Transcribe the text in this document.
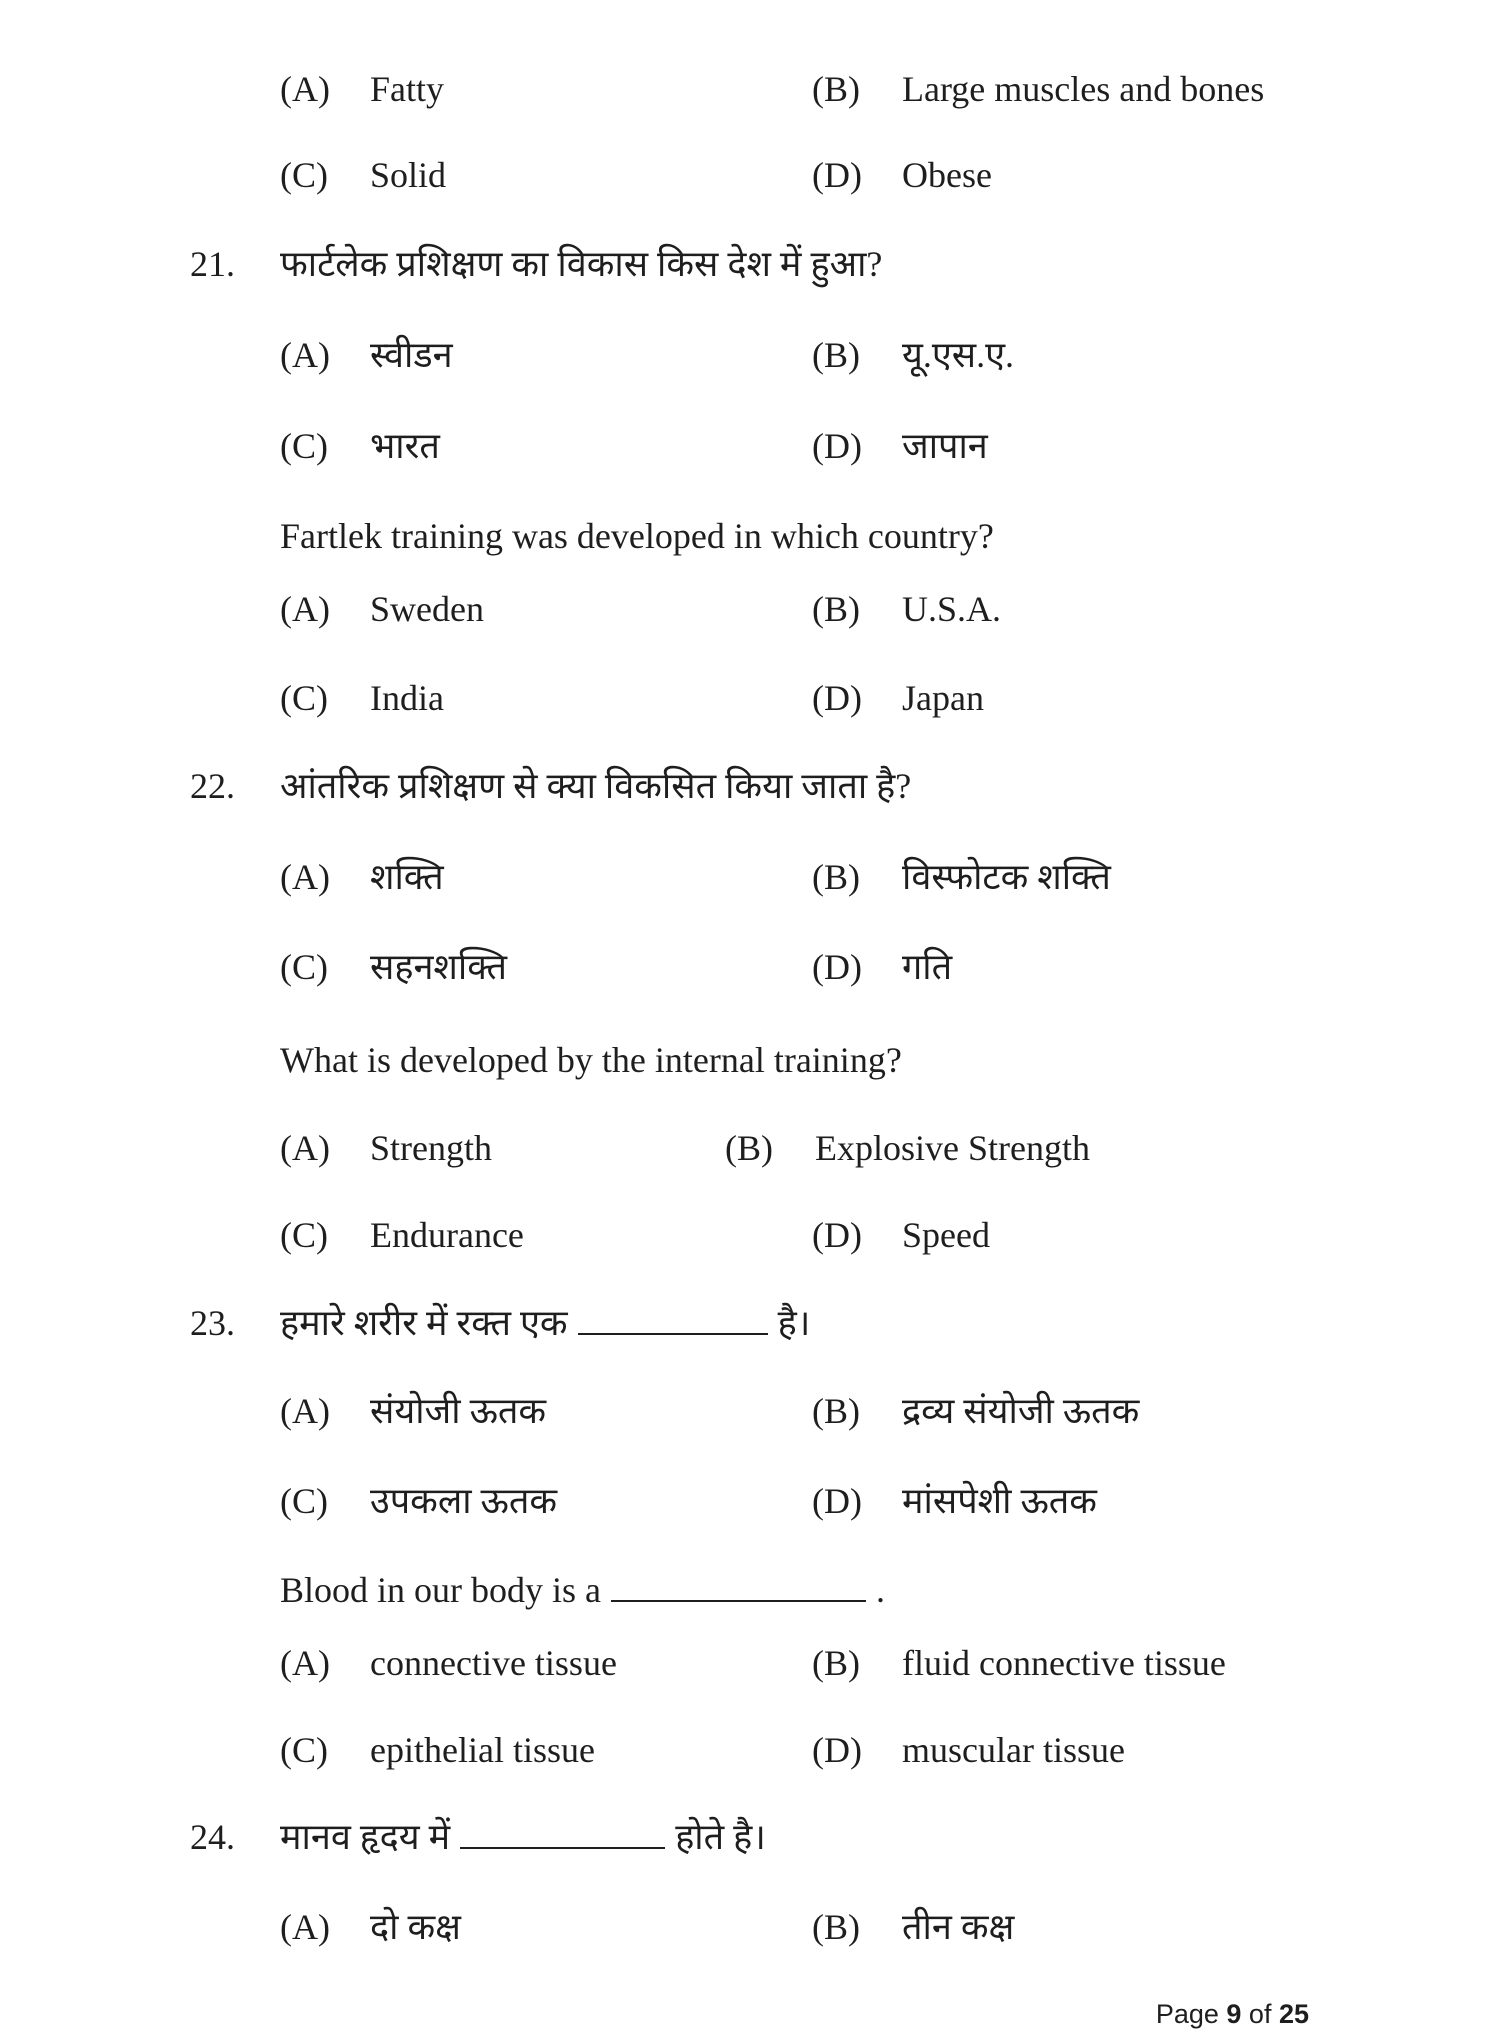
(A) Fatty	(B) Large muscles and bones
(C) Solid	(D) Obese
21. फार्टलेक प्रशिक्षण का विकास किस देश में हुआ?
(A) स्वीडन	(B) यू.एस.ए.
(C) भारत	(D) जापान
Fartlek training was developed in which country?
(A) Sweden	(B) U.S.A.
(C) India	(D) Japan
22. आंतरिक प्रशिक्षण से क्या विकसित किया जाता है?
(A) शक्ति	(B) विस्फोटक शक्ति
(C) सहनशक्ति	(D) गति
What is developed by the internal training?
(A) Strength	(B) Explosive Strength
(C) Endurance	(D) Speed
23. हमारे शरीर में रक्त एक	है।
(A) संयोजी ऊतक	(B) द्रव्य संयोजी ऊतक
(C) उपकला ऊतक	(D) मांसपेशी ऊतक
Blood in our body is a	.
(A) connective tissue	(B) fluid connective tissue
(C) epithelial tissue	(D) muscular tissue
24. मानव हृदय में	होते है।
(A) दो कक्ष	(B) तीन कक्ष
Page 9 of 25
